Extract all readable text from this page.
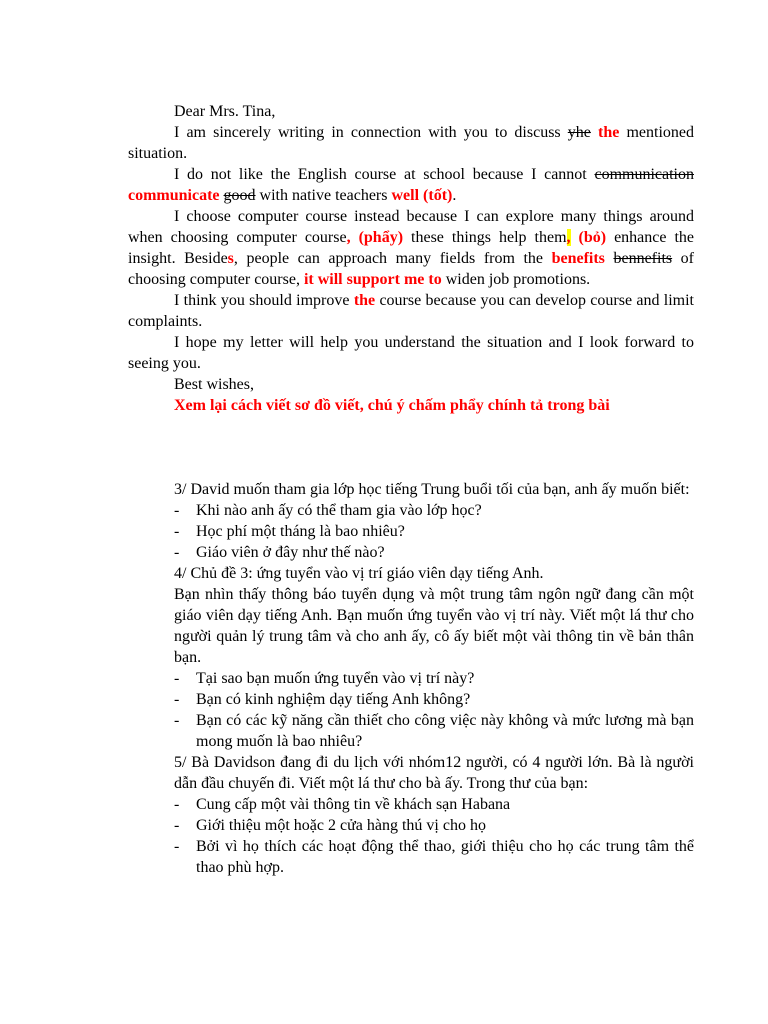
Dear Mrs. Tina,

I am sincerely writing in connection with you to discuss yhe the mentioned situation.

I do not like the English course at school because I cannot communication communicate good with native teachers well (tốt).

I choose computer course instead because I can explore many things around when choosing computer course, (phẩy) these things help them, (bỏ) enhance the insight. Besides, people can approach many fields from the benefits bennefits of choosing computer course, it will support me to widen job promotions.

I think you should improve the course because you can develop course and limit complaints.

I hope my letter will help you understand the situation and I look forward to seeing you.

Best wishes,

Xem lại cách viết sơ đồ viết, chú ý chấm phẩy chính tả trong bài

3/ David muốn tham gia lớp học tiếng Trung buổi tối của bạn, anh ấy muốn biết:

- Khi nào anh ấy có thể tham gia vào lớp học?
- Học phí một tháng là bao nhiêu?
- Giáo viên ở đây như thế nào?

4/ Chủ đề 3: ứng tuyển vào vị trí giáo viên dạy tiếng Anh.

Bạn nhìn thấy thông báo tuyển dụng và một trung tâm ngôn ngữ đang cần một giáo viên dạy tiếng Anh. Bạn muốn ứng tuyển vào vị trí này. Viết một lá thư cho người quản lý trung tâm và cho anh ấy, cô ấy biết một vài thông tin về bản thân bạn.

- Tại sao bạn muốn ứng tuyển vào vị trí này?
- Bạn có kinh nghiệm dạy tiếng Anh không?
- Bạn có các kỹ năng cần thiết cho công việc này không và mức lương mà bạn mong muốn là bao nhiêu?

5/ Bà Davidson đang đi du lịch với nhóm12 người, có 4 người lớn. Bà là người dẫn đầu chuyến đi. Viết một lá thư cho bà ấy. Trong thư của bạn:

- Cung cấp một vài thông tin về khách sạn Habana
- Giới thiệu một hoặc 2 cửa hàng thú vị cho họ
- Bởi vì họ thích các hoạt động thể thao, giới thiệu cho họ các trung tâm thể thao phù hợp.
